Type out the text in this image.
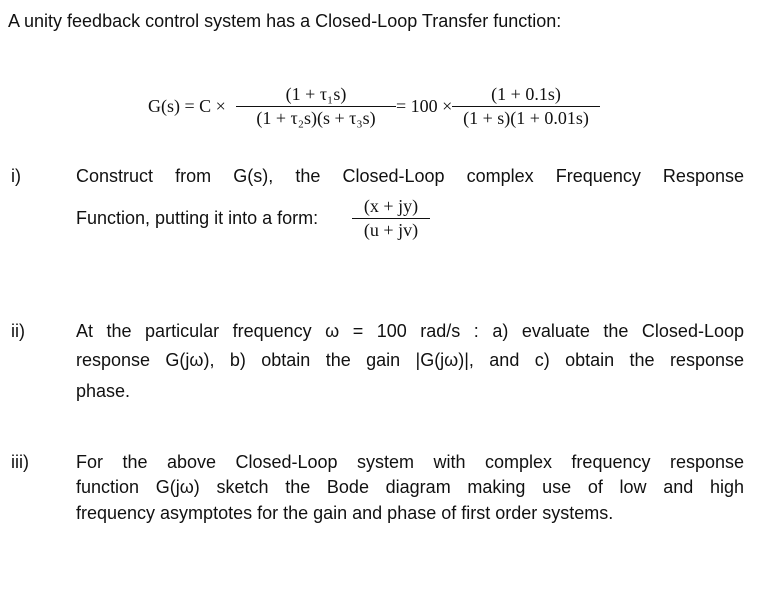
A unity feedback control system has a Closed-Loop Transfer function:
G(s) = C ×
(1 + τ₁s)
(1 + τ₂s)(s + τ₃s)
= 100 ×
(1 + 0.1s)
(1 + s)(1 + 0.01s)
i)	Construct from G(s), the Closed-Loop complex Frequency Response
Function, putting it into a form:
(x + jy)
(u + jv)
ii)	At the particular frequency ω = 100 rad/s : a) evaluate the Closed-Loop
response G(jω), b) obtain the gain |G(jω)|, and c) obtain the response
phase.
iii)	For the above Closed-Loop system with complex frequency response
function G(jω) sketch the Bode diagram making use of low and high
frequency asymptotes for the gain and phase of first order systems.
